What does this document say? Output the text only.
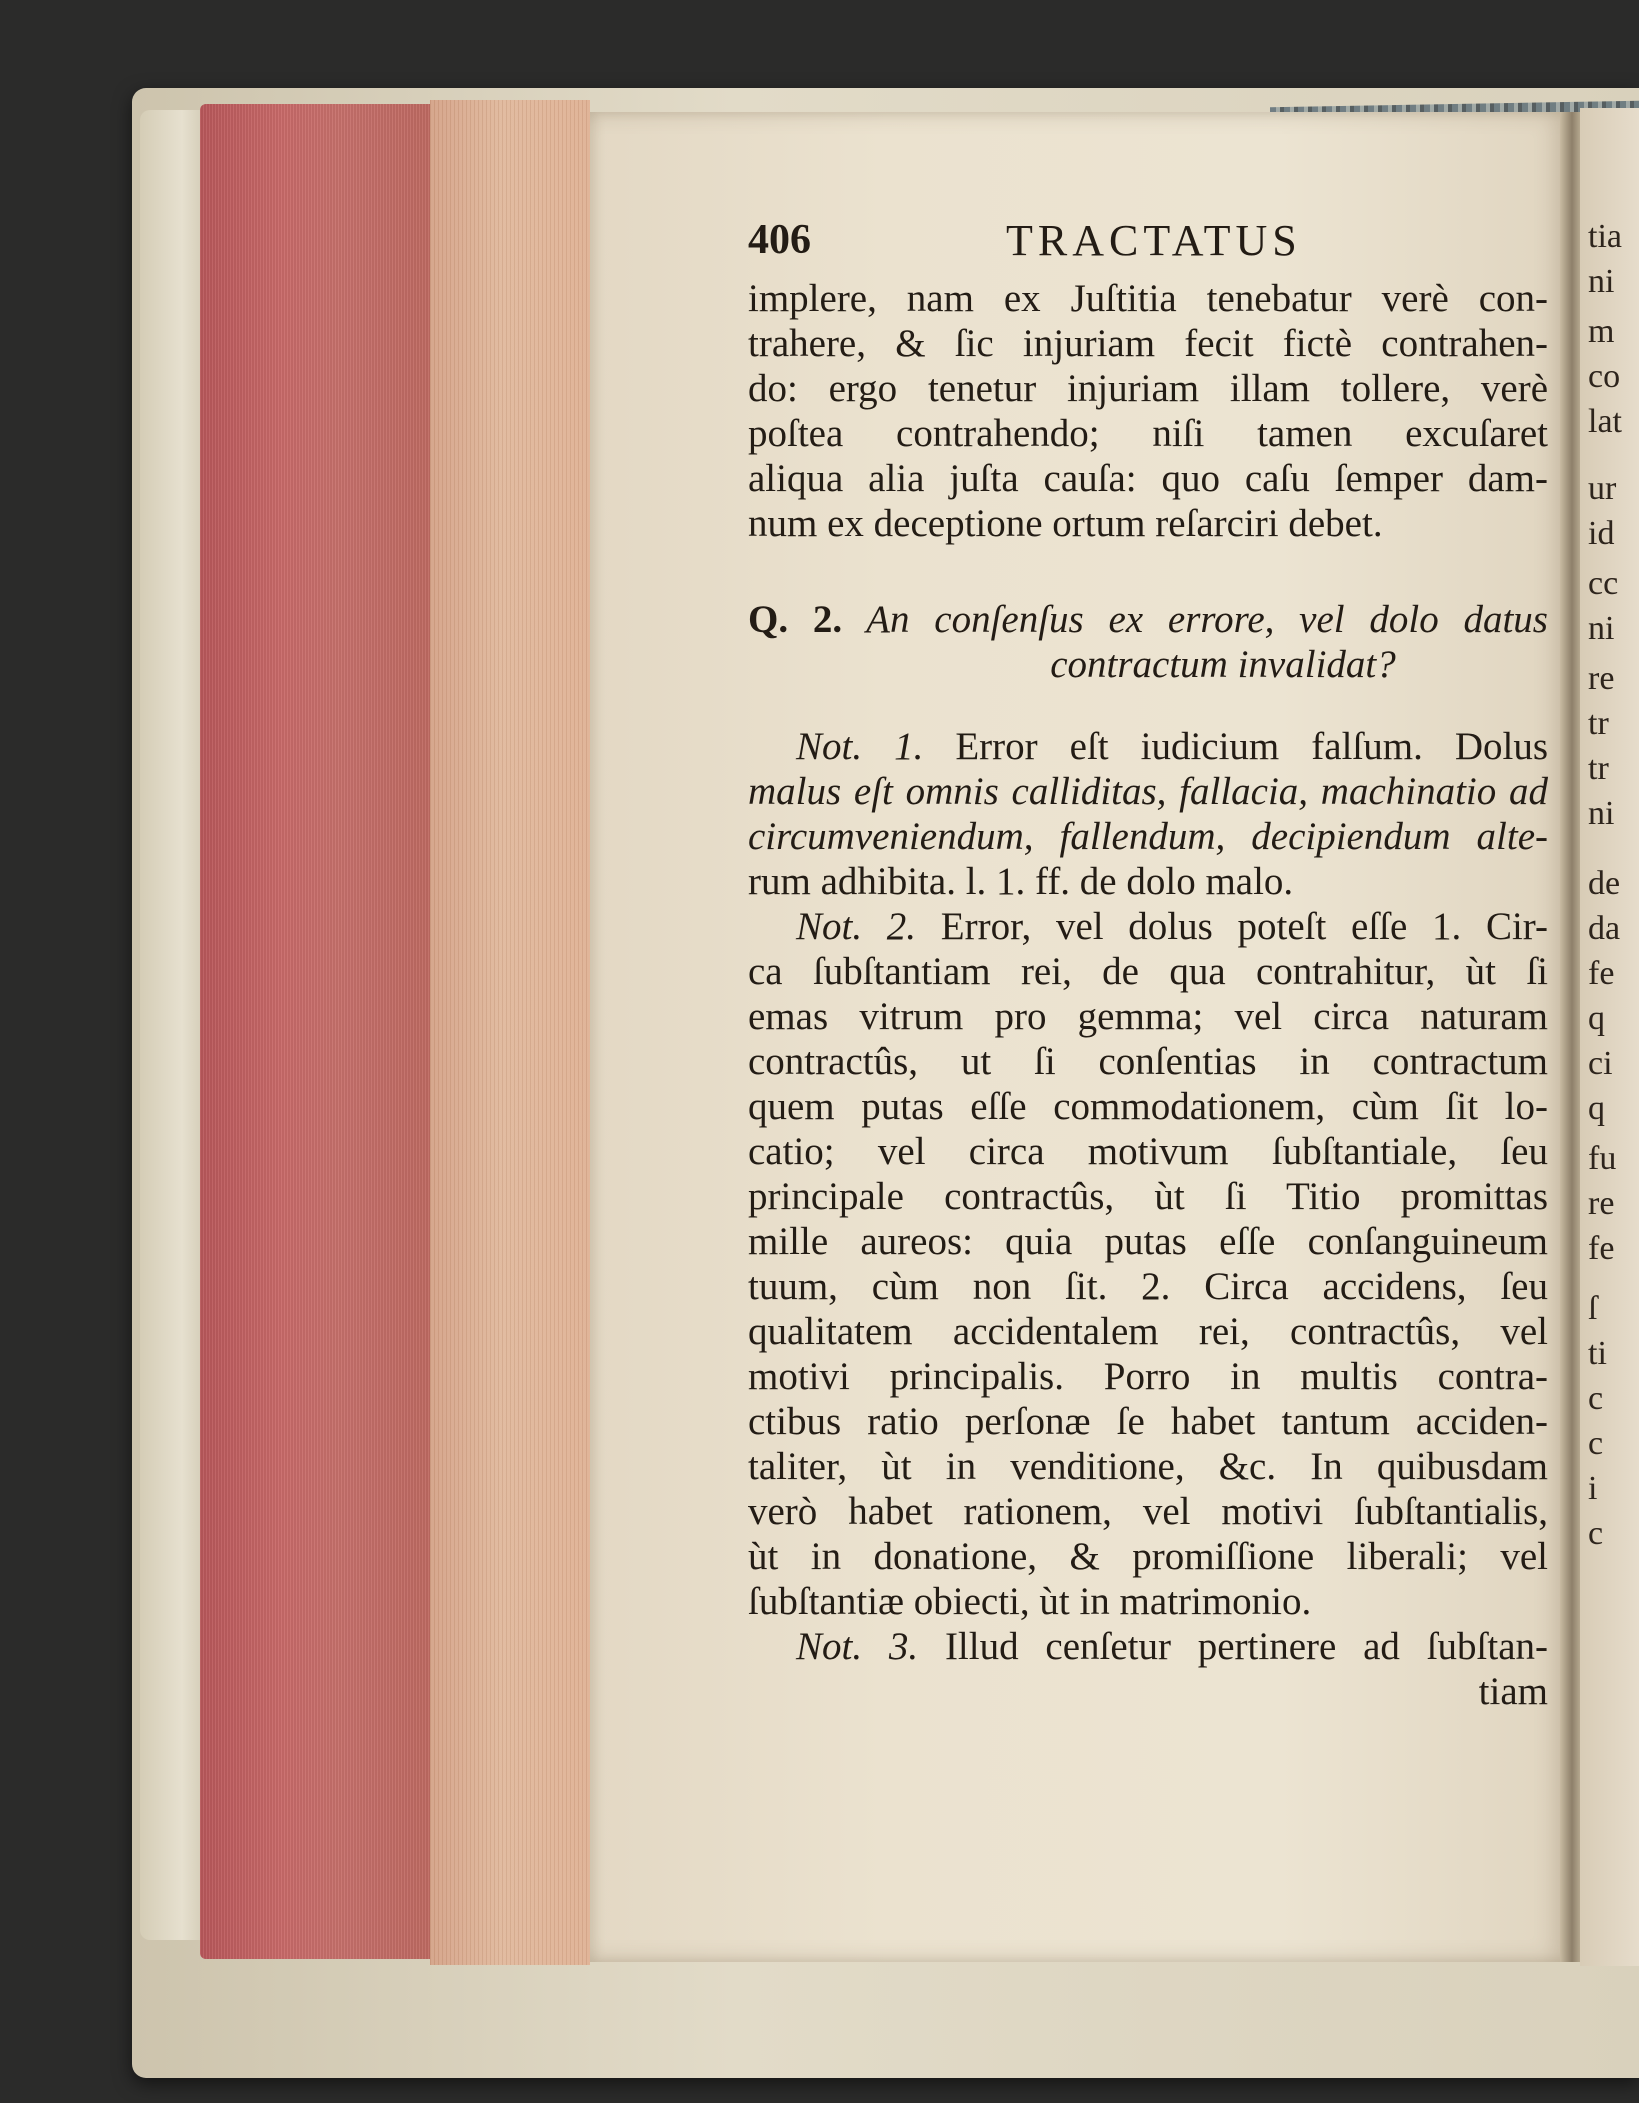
tia
ni
m
co
lat
ur
id
cc
ni
re
tr
tr
ni
de
da
fe
q
ci
q
fu
re
fe
ſ
ti
c
c
i
c
406	TRACTATUS
implere, nam ex Juſtitia tenebatur verè con-
trahere, & ſic injuriam fecit fictè contrahen-
do: ergo tenetur injuriam illam tollere, verè
poſtea contrahendo; niſi tamen excuſaret
aliqua alia juſta cauſa: quo caſu ſemper dam-
num ex deceptione ortum reſarciri debet.
Q. 2. An conſenſus ex errore, vel dolo datus
contractum invalidat?
Not. 1. Error eſt iudicium falſum. Dolus
malus eſt omnis calliditas, fallacia, machinatio ad
circumveniendum, fallendum, decipiendum alte-
rum adhibita. l. 1. ff. de dolo malo.
Not. 2. Error, vel dolus poteſt eſſe 1. Cir-
ca ſubſtantiam rei, de qua contrahitur, ùt ſi
emas vitrum pro gemma; vel circa naturam
contractûs, ut ſi conſentias in contractum
quem putas eſſe commodationem, cùm ſit lo-
catio; vel circa motivum ſubſtantiale, ſeu
principale contractûs, ùt ſi Titio promittas
mille aureos: quia putas eſſe conſanguineum
tuum, cùm non ſit. 2. Circa accidens, ſeu
qualitatem accidentalem rei, contractûs, vel
motivi principalis. Porro in multis contra-
ctibus ratio perſonæ ſe habet tantum acciden-
taliter, ùt in venditione, &c. In quibusdam
verò habet rationem, vel motivi ſubſtantialis,
ùt in donatione, & promiſſione liberali; vel
ſubſtantiæ obiecti, ùt in matrimonio.
Not. 3. Illud cenſetur pertinere ad ſubſtan-
tiam
